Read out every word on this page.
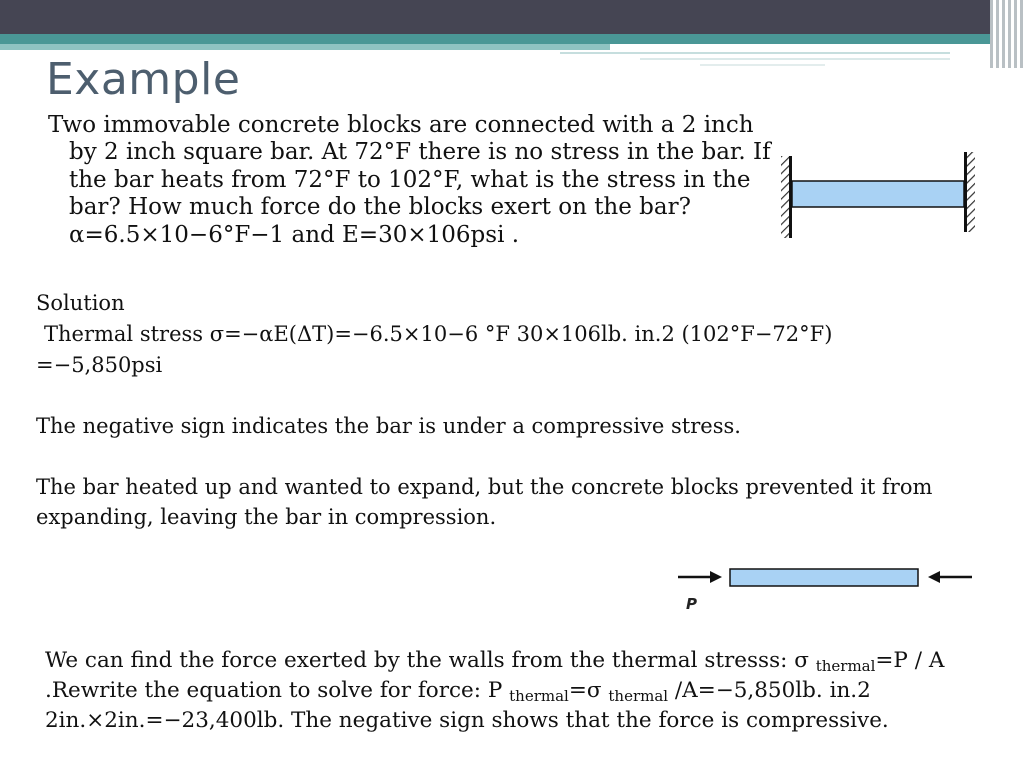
Example

Two immovable concrete blocks are connected with a 2 inch by 2 inch square bar. At 72°F there is no stress in the bar. If the bar heats from 72°F to 102°F, what is the stress in the bar? How much force do the blocks exert on the bar? α=6.5×10−6°F−1 and E=30×106psi .

Solution

Thermal stress σ=−αE(ΔT)=−6.5×10−6 °F 30×106lb. in.2 (102°F−72°F)

=−5,850psi

The negative sign indicates the bar is under a compressive stress.

The bar heated up and wanted to expand, but the concrete blocks prevented it from expanding, leaving the bar in compression.

P

We can find the force exerted by the walls from the thermal stresss: σ $_{thermal}$=P / A .Rewrite the equation to solve for force: P $_{thermal}$=σ $_{thermal}$ /A=−5,850lb. in.2 2in.×2in.=−23,400lb. The negative sign shows that the force is compressive.
